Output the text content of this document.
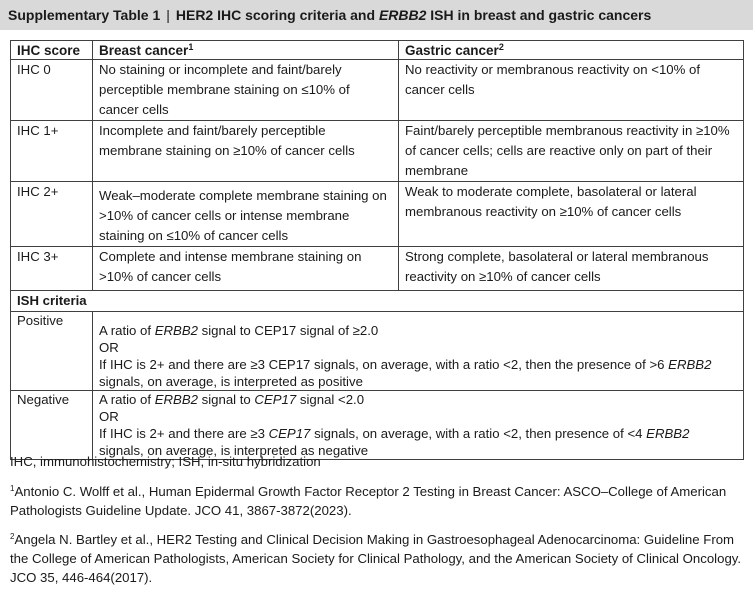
Supplementary Table 1 | HER2 IHC scoring criteria and ERBB2 ISH in breast and gastric cancers
IHC score	Breast cancer$^1$	Gastric cancer$^2$
IHC 0	No staining or incomplete and faint/barely perceptible membrane staining on ≤10% of cancer cells	No reactivity or membranous reactivity on <10% of cancer cells
IHC 1+	Incomplete and faint/barely perceptible membrane staining on ≥10% of cancer cells	Faint/barely perceptible membranous reactivity in ≥10% of cancer cells; cells are reactive only on part of their membrane
IHC 2+	Weak–moderate complete membrane staining on >10% of cancer cells or intense membrane staining on ≤10% of cancer cells	Weak to moderate complete, basolateral or lateral membranous reactivity on ≥10% of cancer cells
IHC 3+	Complete and intense membrane staining on >10% of cancer cells	Strong complete, basolateral or lateral membranous reactivity on ≥10% of cancer cells
ISH criteria		
Positive	A ratio of ERBB2 signal to CEP17 signal of ≥2.0
OR
If IHC is 2+ and there are ≥3 CEP17 signals, on average, with a ratio <2, then the presence of >6 ERBB2 signals, on average, is interpreted as positive	

Negative	A ratio of ERBB2 signal to CEP17 signal <2.0
OR
If IHC is 2+ and there are ≥3 CEP17 signals, on average, with a ratio <2, then presence of <4 ERBB2 signals, on average, is interpreted as negative	
IHC, immunohistochemistry; ISH, in-situ hybridization
$^1$Antonio C. Wolff et al., Human Epidermal Growth Factor Receptor 2 Testing in Breast Cancer: ASCO–College of American Pathologists Guideline Update. JCO 41, 3867-3872(2023).
$^2$Angela N. Bartley et al., HER2 Testing and Clinical Decision Making in Gastroesophageal Adenocarcinoma: Guideline From the College of American Pathologists, American Society for Clinical Pathology, and the American Society of Clinical Oncology. JCO 35, 446-464(2017).
